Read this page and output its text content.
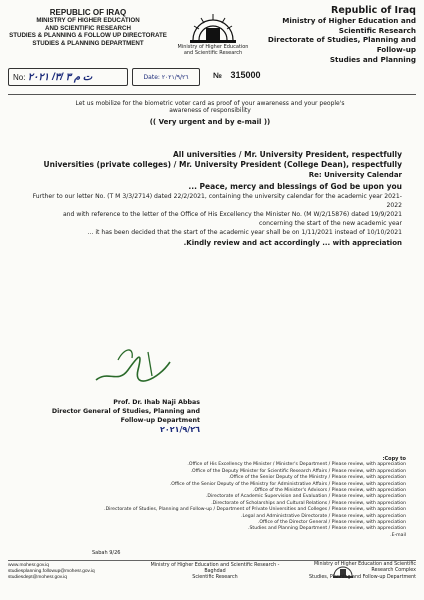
REPUBLIC OF IRAQ
MINISTRY OF HIGHER EDUCATION
AND SCIENTIFIC RESEARCH
STUDIES & PLANNING & FOLLOW UP DIRECTORATE
STUDIES & PLANNING DEPARTMENT
Ministry of Higher Education
and Scientific Research
Republic of Iraq
Ministry of Higher Education and Scientific Research
Directorate of Studies, Planning and Follow-up
Studies and Planning
No: ت م ٣ /٣/ ٢٠٢١	Date: ٢٠٢١/٩/٢٦	№ 315000
Let us mobilize for the biometric voter card as proof of your awareness and your people's awareness of responsibility
(( Very urgent and by e-mail ))

All universities / Mr. University President, respectfully

Universities (private colleges) / Mr. University President (College Dean), respectfully

Re: University Calendar

Peace, mercy and blessings of God be upon you ...

Further to our letter No. (T M 3/3/2714) dated 22/2/2021, containing the university calendar for the academic year 2021-2022

and with reference to the letter of the Office of His Excellency the Minister No. (M W/2/15876) dated 19/9/2021 concerning the start of the new academic year

it has been decided that the start of the academic year shall be on 1/11/2021 instead of 10/10/2021 ...

Kindly review and act accordingly ... with appreciation.

Prof. Dr. Ihab Naji Abbas
Director General of Studies, Planning and Follow-up Department
٢٠٢١/٩/٢٦
Copy to:
Office of His Excellency the Minister / Minister's Department / Please review, with appreciation.
Office of the Deputy Minister for Scientific Research Affairs / Please review, with appreciation.
Office of the Senior Deputy of the Ministry / Please review, with appreciation.
Office of the Senior Deputy of the Ministry for Administrative Affairs / Please review, with appreciation.
Office of the Minister's Advisors / Please review, with appreciation.
Directorate of Academic Supervision and Evaluation / Please review, with appreciation.
Directorate of Scholarships and Cultural Relations / Please review, with appreciation.
Directorate of Studies, Planning and Follow-up / Department of Private Universities and Colleges / Please review, with appreciation.
Legal and Administrative Directorate / Please review, with appreciation.
Office of the Director General / Please review, with appreciation.
Studies and Planning Department / Please review, with appreciation.
E-mail.
Sabah 9/26
www.mohesr.gov.iq
studiesplanning.followup@mohesr.gov.iq
studiesdept@mohesr.gov.iq
Ministry of Higher Education and Scientific Research - Baghdad
Scientific Research
Ministry of Higher Education and Scientific Research Complex
Studies, Planning and Follow-up Department
